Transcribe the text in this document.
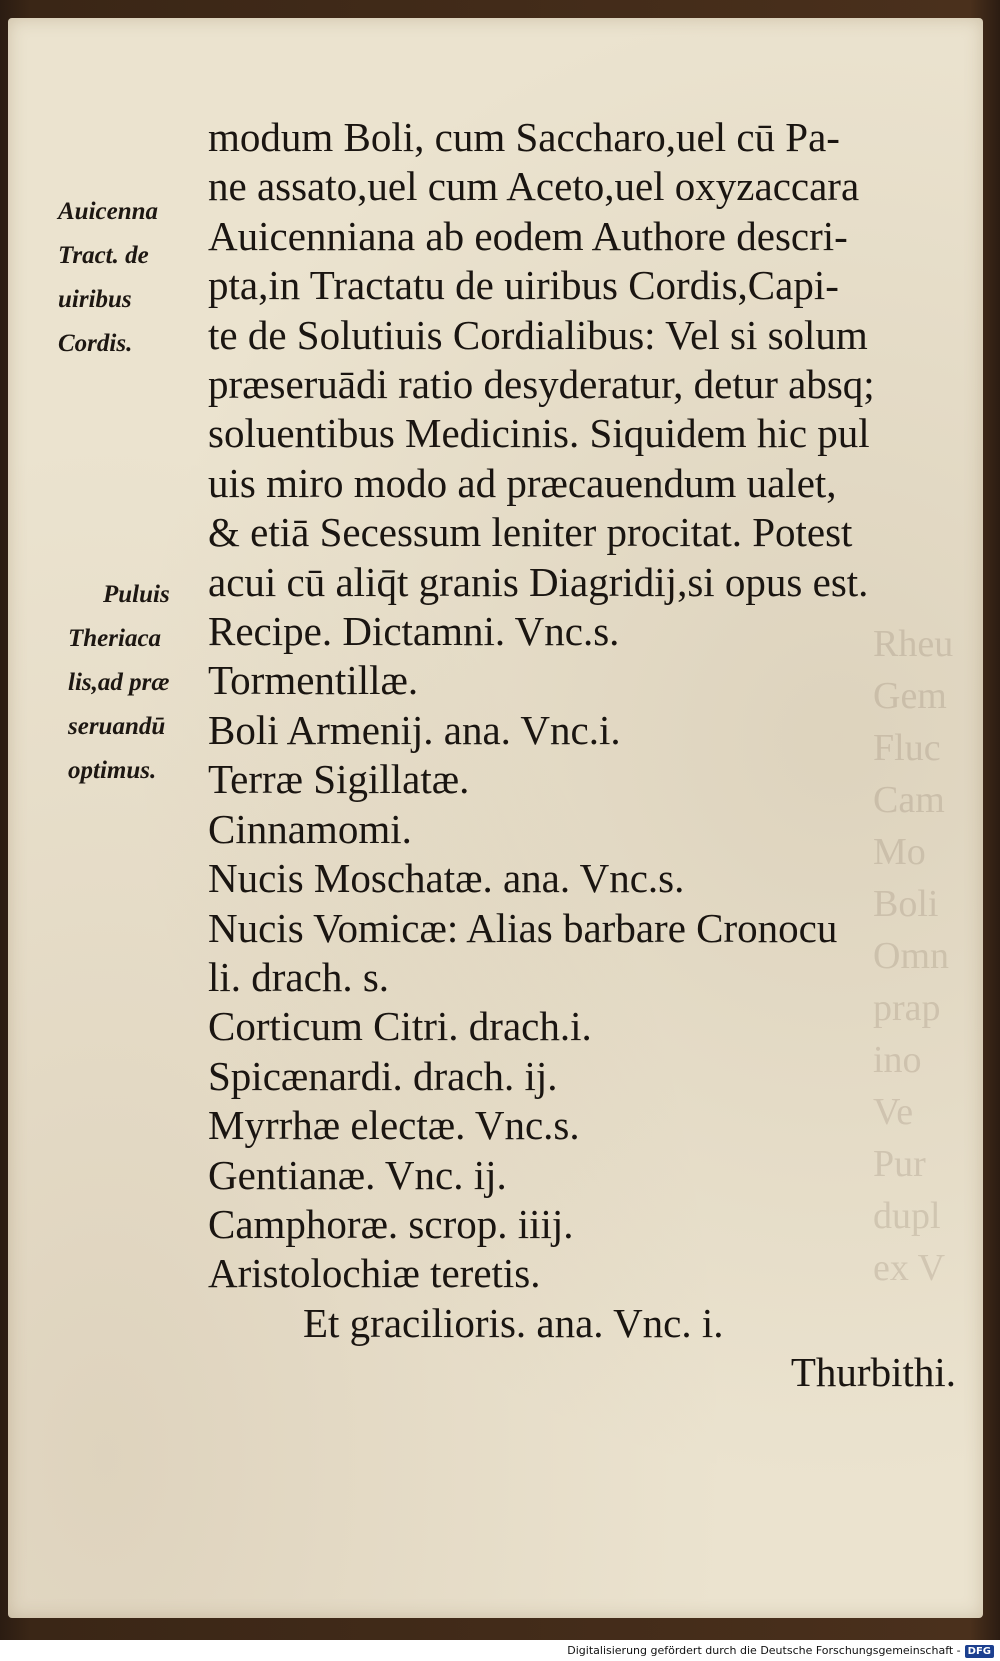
Rheu
Gem
Fluc
Cam
Mo
Boli
Omn
prap
ino
Ve
Pur
dupl
ex V
Auicenna
Tract. de
uiribus
Cordis.
Puluis
Theriaca
lis,ad præ
seruandū
optimus.
modum Boli, cum Saccharo,uel cū Pa-
ne assato,uel cum Aceto,uel oxyzaccara
Auicenniana ab eodem Authore descri-
pta,in Tractatu de uiribus Cordis,Capi-
te de Solutiuis Cordialibus: Vel si solum
præseruādi ratio desyderatur, detur absq;
soluentibus Medicinis. Siquidem hic pul
uis miro modo ad præcauendum ualet,
& etiā Secessum leniter procitat. Potest
acui cū aliq̄t granis Diagridij,si opus est.
Recipe. Dictamni. Vnc.s.
Tormentillæ.
Boli Armenij. ana. Vnc.i.
Terræ Sigillatæ.
Cinnamomi.
Nucis Moschatæ. ana. Vnc.s.
Nucis Vomicæ: Alias barbare Cronocu
li. drach. s.
Corticum Citri. drach.i.
Spicænardi. drach. ij.
Myrrhæ electæ. Vnc.s.
Gentianæ. Vnc. ij.
Camphoræ. scrop. iiij.
Aristolochiæ teretis.
Et gracilioris. ana. Vnc. i.
Thurbithi.
Digitalisierung gefördert durch die Deutsche Forschungsgemeinschaft - DFG
